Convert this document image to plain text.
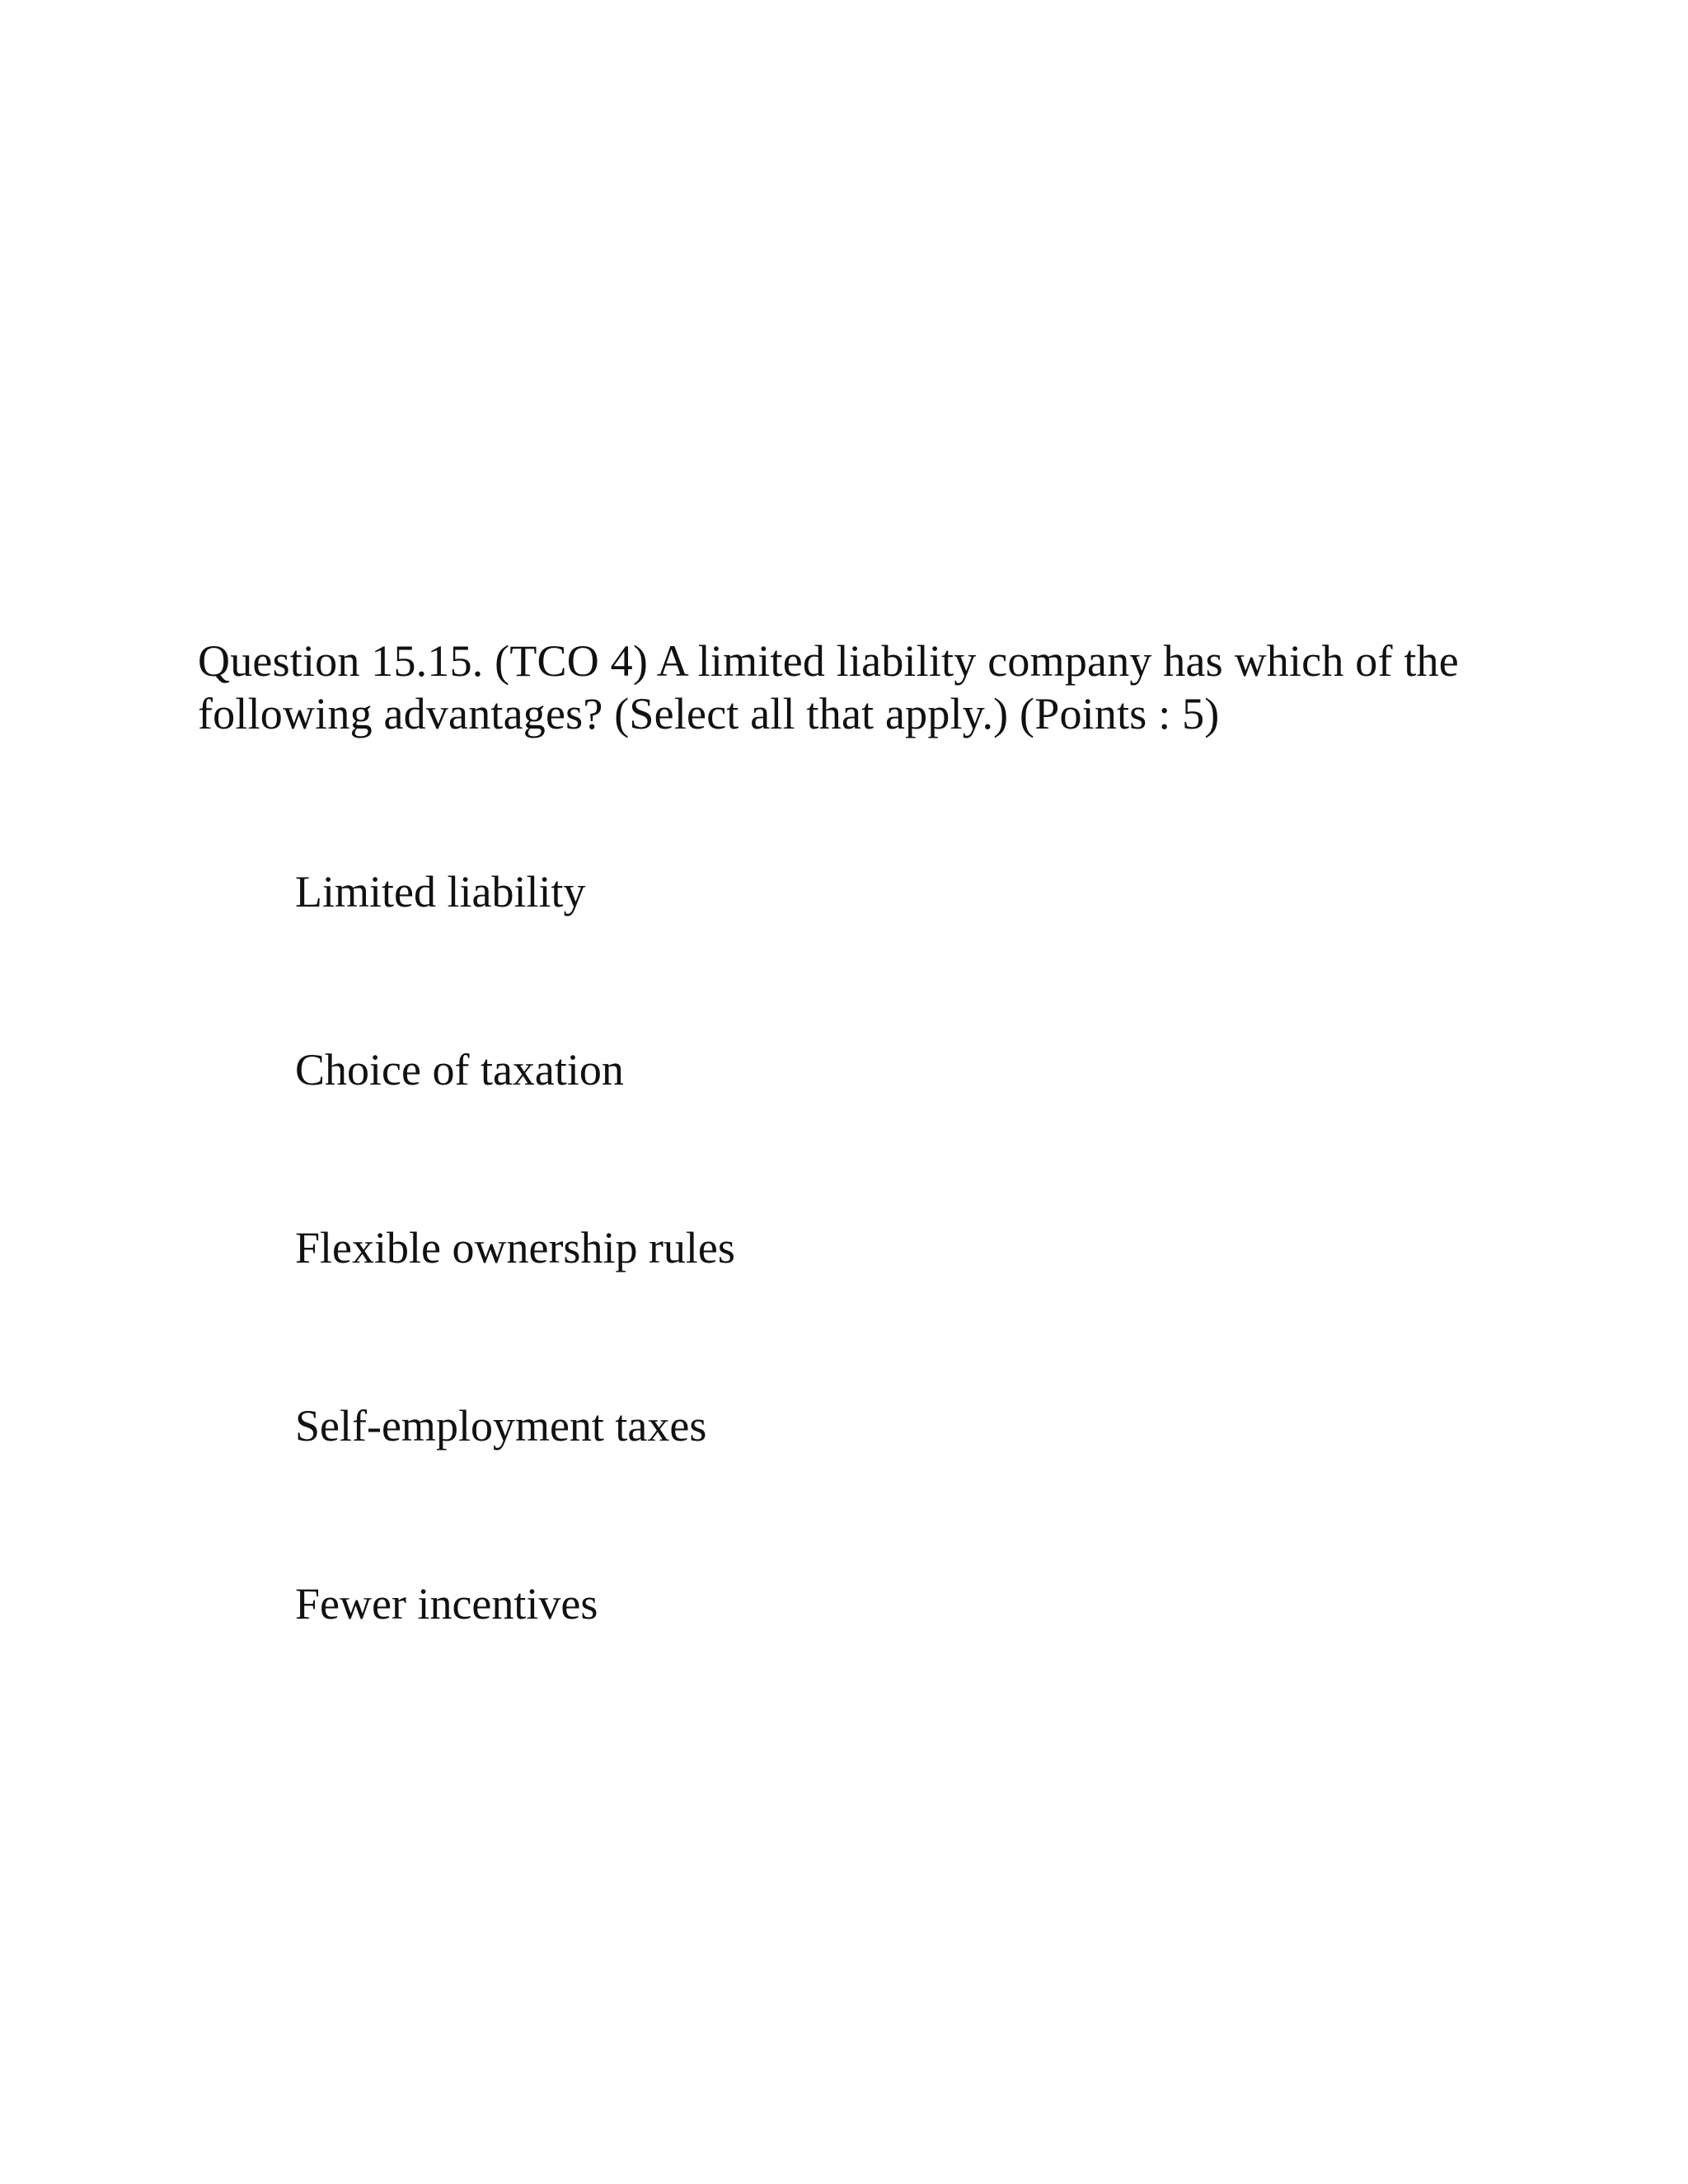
Question 15.15. (TCO 4) A limited liability company has which of the
following advantages? (Select all that apply.) (Points : 5)
Limited liability
Choice of taxation
Flexible ownership rules
Self-employment taxes
Fewer incentives
